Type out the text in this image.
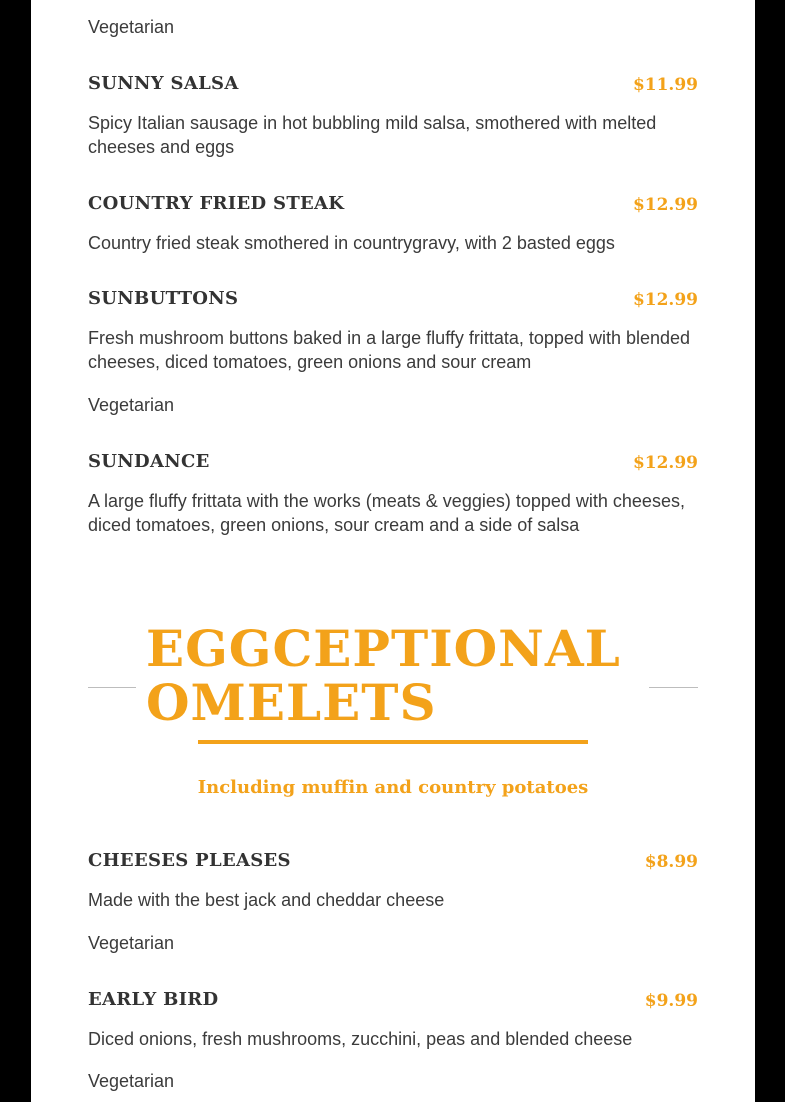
Vegetarian
SUNNY SALSA	$11.99
Spicy Italian sausage in hot bubbling mild salsa, smothered with melted cheeses and eggs
COUNTRY FRIED STEAK	$12.99
Country fried steak smothered in countrygravy, with 2 basted eggs
SUNBUTTONS	$12.99
Fresh mushroom buttons baked in a large fluffy frittata, topped with blended cheeses, diced tomatoes, green onions and sour cream
Vegetarian
SUNDANCE	$12.99
A large fluffy frittata with the works (meats & veggies) topped with cheeses, diced tomatoes, green onions, sour cream and a side of salsa
EGGCEPTIONAL
OMELETS
Including muffin and country potatoes
CHEESES PLEASES	$8.99
Made with the best jack and cheddar cheese
Vegetarian
EARLY BIRD	$9.99
Diced onions, fresh mushrooms, zucchini, peas and blended cheese
Vegetarian
